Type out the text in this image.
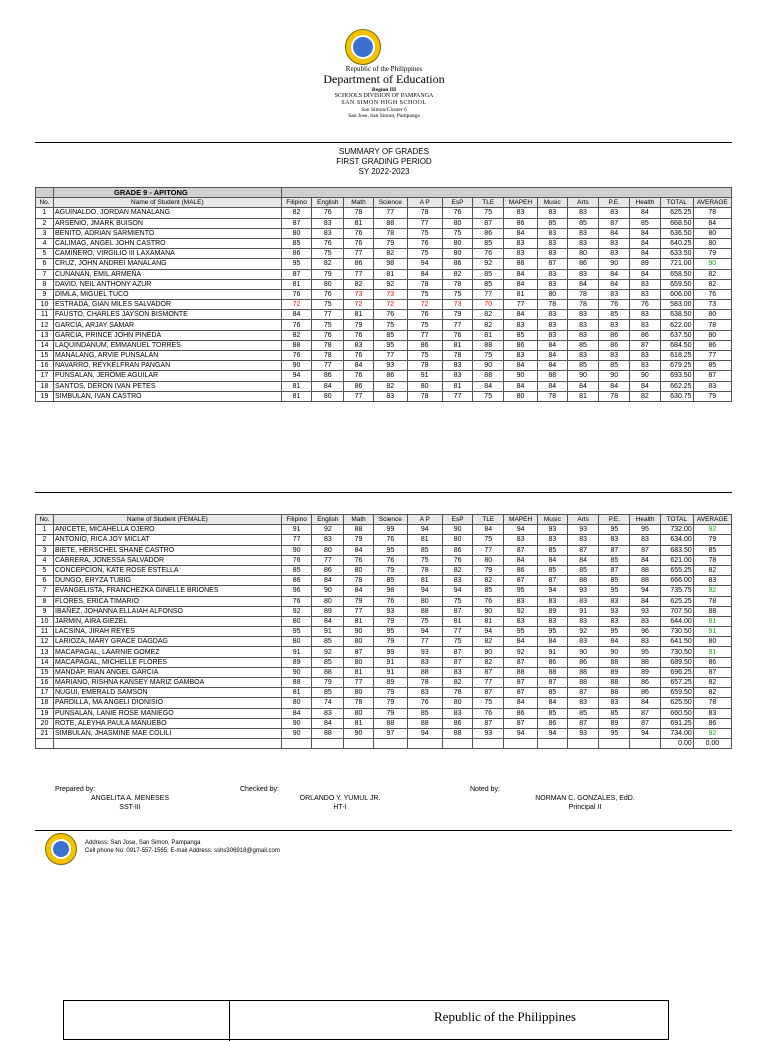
Republic of the Philippines
Department of Education
Region III
SCHOOLS DIVISION OF PAMPANGA
SAN SIMON HIGH SCHOOL
San Simon/Cluster 6
San Jose, San Simon, Pampanga
SUMMARY OF GRADES
FIRST GRADING PERIOD
SY 2022-2023
	GRADE 9 - APITONG														
No.	Name of Student (MALE)	Filipino	English	Math	Science	A P	EsP	TLE	MAPEH	Music	Arts	P.E.	Health	TOTAL	AVERAGE
1	AGUINALDO, JORDAN MANALANG	82	76	78	77	78	76	75	83	83	83	83	84	625.25	78
2	ARSENIO, JMARK BUISON	87	83	81	88	77	80	87	86	85	85	87	85	668.50	84
3	BENITO, ADRIAN SARMIENTO	80	83	76	78	75	75	86	84	83	83	84	84	636.50	80
4	CALIMAG, ANGEL JOHN CASTRO	85	76	76	79	76	80	85	83	83	83	83	84	640.25	80
5	CAMIÑERO, VIRGILIO III LAXAMANA	86	75	77	82	75	80	76	83	83	80	83	84	633.50	79
6	CRUZ, JOHN ANDREI MANALANG	95	82	86	98	94	86	92	88	87	86	90	89	721.00	90
7	CUNANAN, EMIL ARMEÑA	87	79	77	81	84	82	85	84	83	83	84	84	658.50	82
8	DAVID, NEIL ANTHONY AZUR	81	80	82	92	78	78	85	84	83	84	84	83	659.50	82
9	DIMLA, MIGUEL TUCO	76	76	73	73	75	75	77	81	80	78	83	83	606.00	76
10	ESTRADA, GIAN MILES SALVADOR	72	75	72	72	72	73	70	77	78	78	76	76	583.00	73
11	FAUSTO, CHARLES JAYSON BISMONTE	84	77	81	76	76	79	82	84	83	83	85	83	638.50	80
12	GARCIA, ARJAY SAMAR	76	75	79	75	75	77	82	83	83	83	83	83	622.00	78
13	GARCIA, PRINCE JOHN PINEDA	82	76	76	85	77	76	81	85	83	83	86	86	637.50	80
14	LAQUINDANUM, EMMANUEL TORRES	88	78	83	95	86	81	88	86	84	85	86	87	684.50	86
15	MANALANG, ARVIE PUNSALAN	76	78	76	77	75	78	75	83	84	83	83	83	618.25	77
16	NAVARRO, REYKELFRAN PANGAN	90	77	84	93	78	83	90	84	84	85	85	83	679.25	85
17	PUNSALAN, JEROME AGUILAR	94	86	76	86	91	83	88	90	88	90	90	90	693.50	87
18	SANTOS, DERON IVAN PETES	81	84	86	82	80	81	84	84	84	84	84	84	662.25	83
19	SIMBULAN, IVAN CASTRO	81	80	77	83	78	77	75	80	78	81	78	82	630.75	79
No.	Name of Student (FEMALE)	Filipino	English	Math	Science	A P	EsP	TLE	MAPEH	Music	Arts	P.E.	Health	TOTAL	AVERAGE
1	ANICETE, MICAHELLA OJERO	91	92	88	99	94	90	84	94	93	93	95	95	732.00	92
2	ANTONIO, RICA JOY MICLAT	77	83	79	76	81	80	75	83	83	83	83	83	634.00	79
3	BIETE, HERSCHEL SHANE CASTRO	90	80	84	95	85	86	77	87	85	87	87	87	683.50	85
4	CABRERA, JONESSA SALVADOR	76	77	76	76	75	76	80	84	84	84	85	84	621.00	78
5	CONCEPCION, KATE ROSE ESTELLA	85	86	80	79	78	82	79	86	85	85	87	88	655.25	82
6	DUNGO, ERYZA TUBIG	86	84	78	85	81	83	82	87	87	88	85	88	666.00	83
7	EVANGELISTA, FRANCHEZKA GINELLE BRIONES	96	90	84	98	94	94	85	95	94	93	95	94	735.75	92
8	FLORES, ERICA TIMARIO	76	80	79	76	80	75	76	83	83	83	83	84	625.25	78
9	IBAÑEZ, JOHANNA ELLAIAH ALFONSO	92	89	77	93	88	87	90	92	89	91	93	93	707.50	88
10	JARMIN, AIRA GIEZEL	80	84	81	79	75	81	81	83	83	83	83	83	644.00	81
11	LACSINA, JIRAH REYES	95	91	90	95	94	77	94	95	95	92	95	96	730.50	91
12	LARIOZA, MARY GRACE DAGDAG	80	85	80	79	77	75	82	84	84	83	84	83	641.50	80
13	MACAPAGAL, LAARNIE GOMEZ	91	92	87	99	93	87	90	92	91	90	90	95	730.50	91
14	MACAPAGAL, MICHELLE FLORES	89	85	80	91	83	87	82	87	86	86	88	88	689.50	86
15	MANDAP, RIAN ANGEL GARCIA	90	88	81	91	88	83	87	88	88	88	89	89	696.25	87
16	MARIANO, RISHNA KANSEY MARIZ GAMBOA	88	79	77	89	78	82	77	87	87	88	88	86	657.25	82
17	NUGUI, EMERALD SAMSON	81	85	80	79	83	78	87	87	85	87	88	86	659.50	82
18	PARDILLA, MA ANGELI DIONISIO	80	74	78	79	76	80	75	84	84	83	83	84	625.50	78
19	PUNSALAN, LANIE ROSE MANIEGO	84	83	80	79	85	83	76	86	85	85	85	87	660.50	83
20	ROTE, ALEYHA PAULA MANUEBO	90	84	81	88	88	86	87	87	86	87	89	87	691.25	86
21	SIMBULAN, JHASMINE MAE COLILI	90	88	90	97	94	88	93	94	94	93	95	94	734.00	92
														0.00	0.00
Prepared by:
ANGELITA A. MENESES
SST-III
Checked by:
ORLANDO Y. YUMUL JR.
HT-I
Noted by:
NORMAN C. GONZALES, EdD.
Principal II
Address: San Jose, San Simon, Pampanga
Cell phone No: 0917-557-1565; E-mail Address: sshs306918@gmail.com
Republic of the Philippines
